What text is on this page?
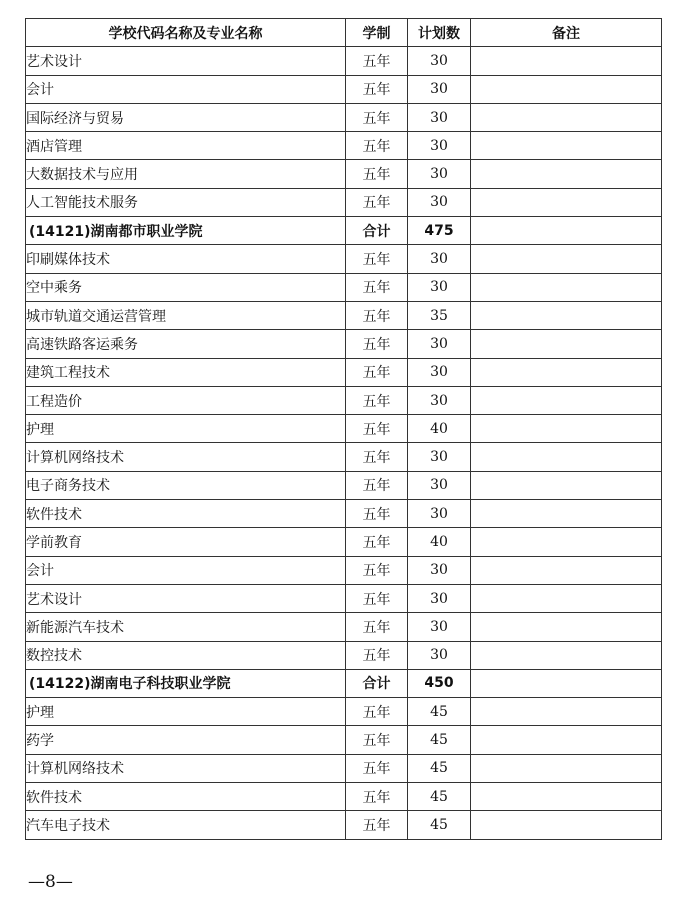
学校代码名称及专业名称	学制	计划数	备注
艺术设计	五年	30	
会计	五年	30	
国际经济与贸易	五年	30	
酒店管理	五年	30	
大数据技术与应用	五年	30	
人工智能技术服务	五年	30	
(14121)湖南都市职业学院	合计	475	
印刷媒体技术	五年	30	
空中乘务	五年	30	
城市轨道交通运营管理	五年	35	
高速铁路客运乘务	五年	30	
建筑工程技术	五年	30	
工程造价	五年	30	
护理	五年	40	
计算机网络技术	五年	30	
电子商务技术	五年	30	
软件技术	五年	30	
学前教育	五年	40	
会计	五年	30	
艺术设计	五年	30	
新能源汽车技术	五年	30	
数控技术	五年	30	
(14122)湖南电子科技职业学院	合计	450	
护理	五年	45	
药学	五年	45	
计算机网络技术	五年	45	
软件技术	五年	45	
汽车电子技术	五年	45	
—8—
